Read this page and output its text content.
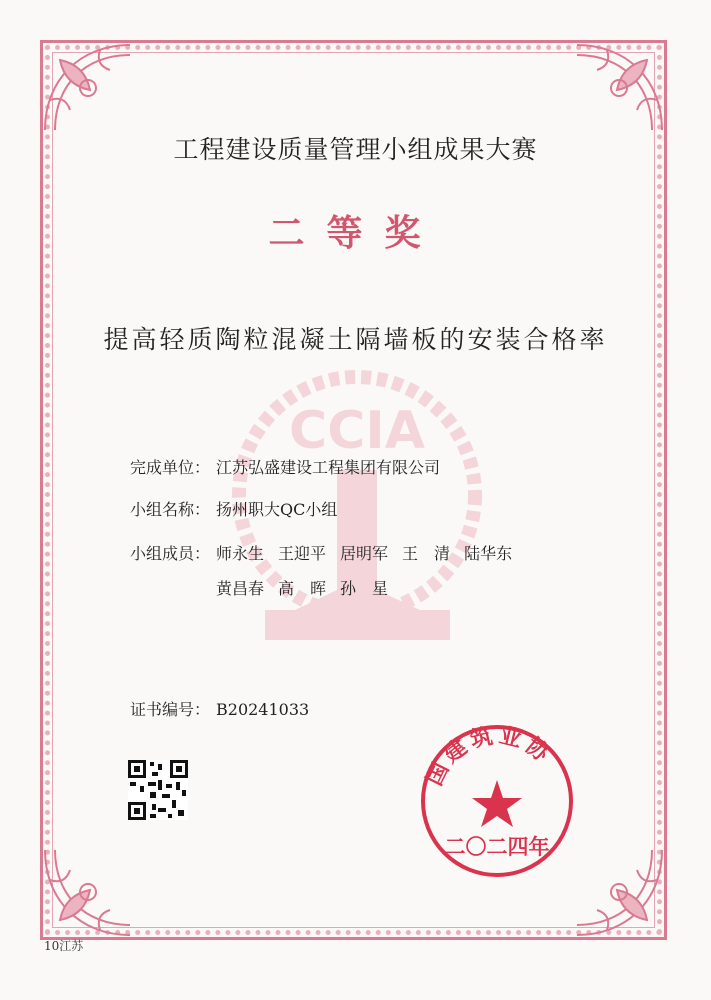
CCIA
工程建设质量管理小组成果大赛
二等奖
提高轻质陶粒混凝土隔墙板的安装合格率
完成单位： 江苏弘盛建设工程集团有限公司
小组名称： 扬州职大QC小组
小组成员： 师永生 王迎平 居明军 王　清 陆华东
黄昌春 高　晖 孙　星
证书编号： B20241033
国建筑业协
二〇二四年
10江苏
